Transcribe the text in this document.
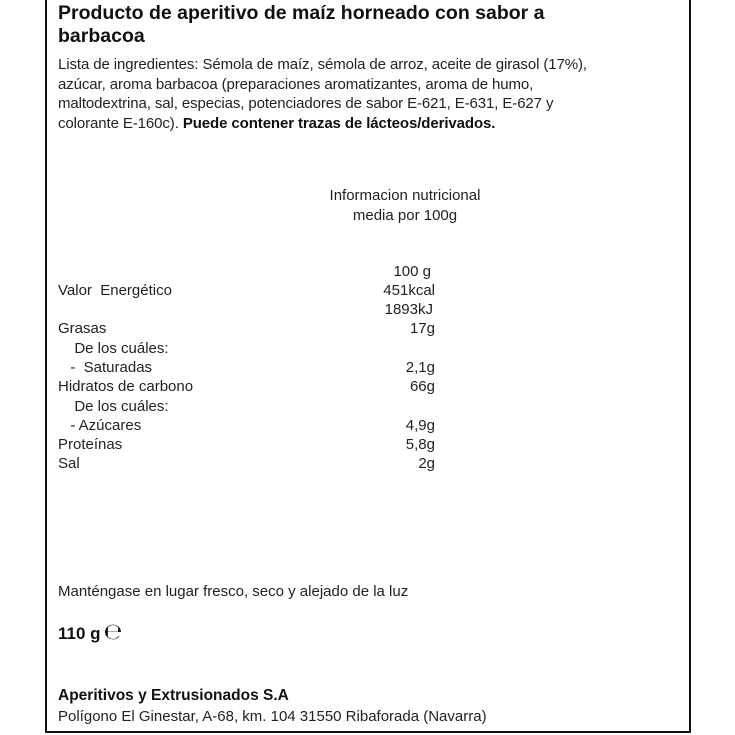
Producto de aperitivo de maíz horneado con sabor a
barbacoa
Lista de ingredientes: Sémola de maíz, sémola de arroz, aceite de girasol (17%),
azúcar, aroma barbacoa (preparaciones aromatizantes, aroma de humo,
maltodextrina, sal, especias, potenciadores de sabor E-621, E-631, E-627 y
colorante E-160c). Puede contener trazas de lácteos/derivados.
Informacion nutricional
media por 100g
100 g
Valor  Energético	451kcal
1893kJ
Grasas	17g
De los cuáles:
-  Saturadas	2,1g
Hidratos de carbono	66g
De los cuáles:
- Azúcares	4,9g
Proteínas	5,8g
Sal	2g
Manténgase en lugar fresco, seco y alejado de la luz
110 g ℮
Aperitivos y Extrusionados S.A
Polígono El Ginestar, A-68, km. 104 31550 Ribaforada (Navarra)
